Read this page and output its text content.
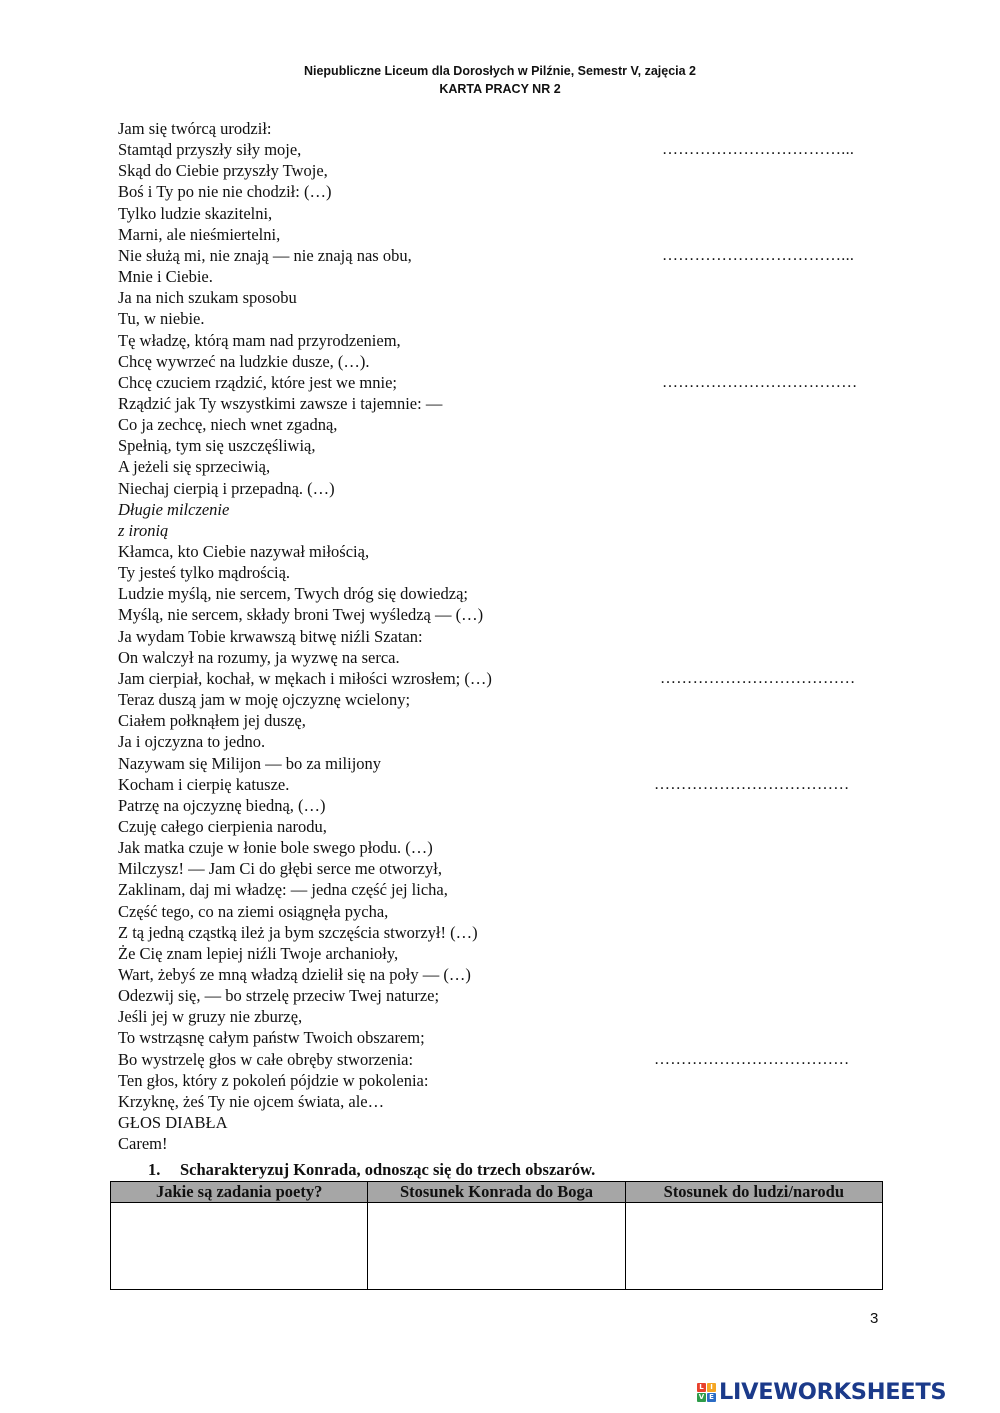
Niepubliczne Liceum dla Dorosłych w Pilźnie, Semestr V, zajęcia 2
KARTA PRACY NR 2
Jam się twórcą urodził:
Stamtąd przyszły siły moje,
Skąd do Ciebie przyszły Twoje,
Boś i Ty po nie nie chodził: (…)
Tylko ludzie skazitelni,
Marni, ale nieśmiertelni,
Nie służą mi, nie znają — nie znają nas obu,
Mnie i Ciebie.
Ja na nich szukam sposobu
Tu, w niebie.
Tę władzę, którą mam nad przyrodzeniem,
Chcę wywrzeć na ludzkie dusze, (…).
Chcę czuciem rządzić, które jest we mnie;
Rządzić jak Ty wszystkimi zawsze i tajemnie: —
Co ja zechcę, niech wnet zgadną,
Spełnią, tym się uszczęśliwią,
A jeżeli się sprzeciwią,
Niechaj cierpią i przepadną. (…)
Długie milczenie
z ironią
Kłamca, kto Ciebie nazywał miłością,
Ty jesteś tylko mądrością.
Ludzie myślą, nie sercem, Twych dróg się dowiedzą;
Myślą, nie sercem, składy broni Twej wyśledzą — (…)
Ja wydam Tobie krwawszą bitwę niźli Szatan:
On walczył na rozumy, ja wyzwę na serca.
Jam cierpiał, kochał, w mękach i miłości wzrosłem; (…)
Teraz duszą jam w moję ojczyznę wcielony;
Ciałem połknąłem jej duszę,
Ja i ojczyzna to jedno.
Nazywam się Milijon — bo za milijony
Kocham i cierpię katusze.
Patrzę na ojczyznę biedną, (…)
Czuję całego cierpienia narodu,
Jak matka czuje w łonie bole swego płodu. (…)
Milczysz! — Jam Ci do głębi serce me otworzył,
Zaklinam, daj mi władzę: — jedna część jej licha,
Część tego, co na ziemi osiągnęła pycha,
Z tą jedną cząstką ileż ja bym szczęścia stworzył! (…)
Że Cię znam lepiej niźli Twoje archanioły,
Wart, żebyś ze mną władzą dzielił się na poły — (…)
Odezwij się, — bo strzelę przeciw Twej naturze;
Jeśli jej w gruzy nie zburzę,
To wstrząsnę całym państw Twoich obszarem;
Bo wystrzelę głos w całe obręby stworzenia:
Ten głos, który z pokoleń pójdzie w pokolenia:
Krzyknę, żeś Ty nie ojcem świata, ale…
GŁOS DIABŁA
Carem!
……………………………...
……………………………...
………………………………
………………………………
………………………………
………………………………
1. Scharakteryzuj Konrada, odnosząc się do trzech obszarów.
Jakie są zadania poety?	Stosunek Konrada do Boga	Stosunek do ludzi/narodu

3
L I
V E LIVEWORKSHEETS
